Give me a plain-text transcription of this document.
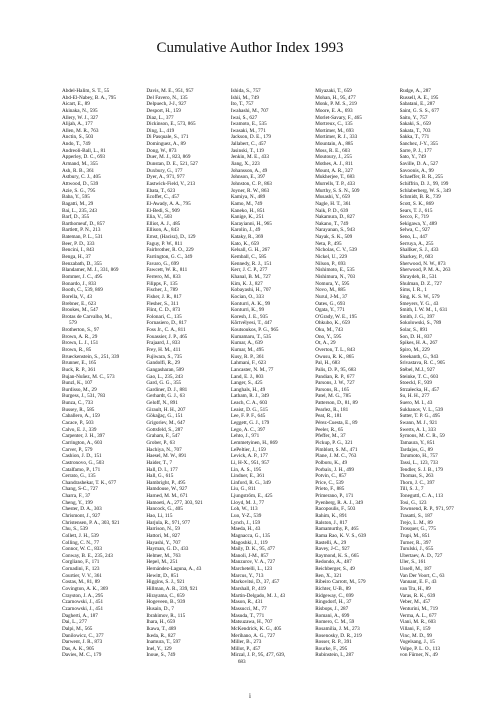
Cumulative Author Index 1993
Abdel-Halim, S. T., 55
Abd-El-Nabey, B. A., 795
Aicart, E., 89
Akinaka, N., 595
Allery, W. J., 327
Alijah, A., 177
Allen, M. R., 763
Anctin, S., 503
Ando, T., 749
Andreoli-Ball, L., 81
Apperley, D. C., 693
Armand, M., 355
Ash, R. B., 361
Astbury, C. J., 405
Attwood, D., 539
Azie, S. G., 795
Baba, Y., 595
Bagatti, M., 29
Bai, L., 235, 243
Barf, D., 355
Barthomeuf, D., 857
Bartlett, P. N., 213
Bateman, P. L., 531
Beer, P. D., 333
Bencini, I., 843
Benga, H., 37
Benzabath, D., 355
Blandamer, M. J., 331, 869
Bommer, J. C., 495
Bonardo, J., 833
Booth, C., 539, 869
Borella, V., 43
Brebner, E., 623
Brookes, M., 547
Brotas de Carvalho, M.,
579
Brotherton, S., 97
Brown, A. R., 29
Brown, L. J., 151
Brown, R., 85
Brueckenstein, S., 251, 339
Brunner, E., 165
Buck, R. P., 361
Bujan-Nuñez, M. C., 573
Bunzl, K., 107
Burdisso, M., 29
Burgess, J., 531, 783
Bunza, C., 733
Bussey, R., 585
Caballero, A., 159
Cacace, P., 503
Calvo, E. J., 339
Carpenter, J. H., 397
Carrington, A., 603
Carver, P., 579
Cashion, J. D., 151
Castronovo, G., 503
Catalfamo, P., 171
Cerrato, G., 135
Chandrashekar, T. K., 677
Chang, S-C., 727
Charra, F., 37
Cheng, Y., 199
Chester, D. A., 303
Chrismont, J., 927
Christensen, P. A., 303, 921
Chu, S., 539
Collett, J. H., 539
Colling, C. N., 77
Connor, W. C., 833
Conway, B. E., 235, 243
Corgliano, F., 171
Cornadini, F., 123
Courtier, V. V., 361
Costas, M., 81, 89
Covington, A. K., 369
Crayston, J. A., 295
Czarnowski, J., 451
Czarnowski, J., 451
Dagherti, A., 187
Dai, L., 277
Dalpi, M., 565
Danilowicz, C., 377
Darwent, J. R., 873
Das, A. K., 905
Davies, M. C., 179
Davis, M. E., 951, 957
Del Favero, N., 135
Delpuech, J-J., 927
Desport, H., 159
Diaz, L., 377
Dickinson, E., 573, 865
Ding, L., 419
Di Pasquale, S., 171
Dominguez, A., 89
Dong, W., 873
Duer, M. J., 823, 869
Dunstan, D. E., 521, 527
Duxbury, G., 177
Dyer, A., 971, 977
Eastwick-Field, V., 213
Ebata, T., 623
Ecoffet, C., 457
El-Awady, A. A., 795
El-Bedi, S., 909
Elia, V., 503
Elliot, A. J., 485
Ellison, A., 843
Ernst, (Hacisz), D., 129
Faguy, P. W., 811
Fairbrother, R. O., 229
Farrington, G. C., 349
Favaro, G., 699
Fawcett, W. R., 811
Ferrero, M., 833
Filipps, F., 135
Fischer, J., 789
Fisher, J. R., 817
Flesher, S., 311
Flint, C. D., 873
Folonari, C., 135
Fornasiero, D., 817
Foss Jr., C. A., 811
Fouassier, J. P., 465
Frajaard, J., 833
Frey, H. M., 411
Fujiwara, S., 735
Gandolfi, R., 29
Gangasharan, 509
Gao, L., 235, 243
Gard, G. G., 355
Gardiner, D. J., 881
Gerhardt, G. J., 63
Geloff, N., 891
Girault, H. H., 207
Gökağaç, G., 151
Grigoriev, M., 647
Gottsfeld, S., 287
Graham, F., 547
Grober, P., 63
Hachiya, N., 707
Haesel, M. W., 891
Haider, T., 7
Hall, D. I., 177
Hall, G., 615
Hambright, P., 495
Hamdouse, W., 927
Harned, M. M., 671
Hamoeti, A., 277, 303, 921
Hancock, G., 405
Hao, Li, 115
Harjula, R., 971, 977
Harrison, N., 59
Hattori, M., 827
Hayashi, Y., 707
Hayman, G. D., 433
Helmer, M., 763
Hepel, M., 251
Hernández-Laguna, A., 43
Hewitt, D., 851
Higgins, S. J., 921
Hillman, A. R., 339, 921
Hirayama, C., 659
Hogeveen, B., 939
Husain, D., 7
Ibrahimov, R., 115
Ihara, H., 659
Ikawa, T., 489
Ikeda, R., 827
Inamura, T., 597
Inel, Y., 129
Inoue, S., 749
Ishida, S., 757
Ishii, M., 749
Ito, T., 757
Iwahashi, M., 707
Iwai, S., 627
Iwamoto, E., 535
Iwasaki, M., 771
Jackson, D. E., 179
Jallabert, C., 457
Jasinski, T., 119
Jenkin, M. E., 433
Jiang, X., 223
Johansson, A., 49
Johnson, E., 397
Johnston, C. P., 863
Joyner, R. W., 863
Kamiya, N., 489
Kamo, M., 749
Kaneko, H., 851
Kanige, K., 251
Karayianni, H., 965
Karolin, J., 49
Kataky, R., 369
Kato, K., 659
Kelsall, G. H., 267
Kemball, C., 585
Kennedy, R. J., 151
Kerr, J. C. P., 277
Khanal, B. M., 727
Kim, K. J., 827
Kobayashi, H., 707
Kocian, O., 333
Konturri, A. K., 99
Konturri, K., 99
Koresh, J. E., 935
Kõrtvélyesi, T., 447
Koutsoukos, P. G., 965
Kumamaru, T., 535
Kumar, A., 639
Kumar, M., 495
Kusy, R. P., 361
Lahmani, F., 623
Lancaster, N. M., 77
Land, E. J., 803
Langer, S., 425
Langhals, H., 49
Latham, R. J., 349
Leach, C. A., 603
Leaist, D. G., 515
Lee, F. P. F., 645
Leggett, G. J., 179
Lego, A. C., 397
Lehto, J., 971
Lemmetyinen, H., 869
LePeltier, J., 159
Levick, A. P., 177
Li, H-X., 951, 957
Lin, A. S., 195
Lindner, E., 361
Linford, R. G., 349
Liu, G., 811
Ljungström, E., 425
Lloyd, M. J., 77
Loh, W., 113
Luo, Y-Z., 539
Lynch, J., 159
Maeda, H., 43
Magnacca, G., 135
Magoshki, J., 119
Maily, D. K., 95, 477
Manoli, J-M., 857
Manzurov, V. A., 727
Marchetelli, L., 123
Marcus, Y., 713
Markovitsi, D., 37, 457
Marshall, P., 419
Martin-Delgado, M. J., 43
Mason, R., 431
Massucci, M., 77
Masuda, T., 771
Matsuzawa, H., 707
McKendrick, K. G., 405
Merihano, A. G., 727
Miller, B., 273
Millot, P., 457
Mirzal, J. P., 95, 477, 639,
683
Miyazaki, T., 659
Mohan, H., 95, 477
Monk, P. M. S., 219
Moore, E. A., 693
Morlet-Savary, F., 465
Mortreux, C., 135
Mortimer, M., 693
Mortimer, R. J., 333
Mountain, A., 885
Moss, R. E., 603
Moutoury, J., 255
Mothes, A. J., 811
Mount, A. R., 327
Mukherjee, T., 683
Murrells, T. P., 433
Murthy, S. S. N., 509
Musashi, Y., 659
Nagle, H. T., 361
Naik, P. D., 639
Nakamura, D., 827
Nakano, T., 749
Narayanan, S., 943
Nayak, S. K., 509
Neta, P., 495
Nicholas, C. V., 539
Nickel, U., 229
Nilson, P., 693
Nishimoto, E., 535
Nishimura, N., 703
Nomura, Y., 595
Novo, M., 885
Nurul, J-M., 37
Oates, G., 693
Ogata, Y., 771
O'Grady, W. E., 195
Ohkubo, K., 659
Oku, M., 743
Ono, Y., 595
Ot, A., 29
Overton, T. L., 843
Owusu, R. K., 865
Pal, H., 683
Palis, D. P., 95, 683
Pandian, R. P., 677
Parsons, J. W., 727
Parsons, R., 165
Patel, M. G., 785
Patterson, D., 81, 89
Pearlez, R., 181
Peat, R., 181
Pérez-Cuesta, E., 89
Peeler, R., 65
Pfeffer, M., 37
Pickup, P. G., 321
Pimblott, S. M., 471
Plane, J. M. C., 763
Polboru, K., 49
Porbaix, J. H., 499
Potvin, C., 857
Price, C., 539
Prieto, F., 885
Primerano, P., 171
Pyenberg, R. A. J., 349
Racopoulis, F., 503
Rahim, K., 891
Ralston, J., 817
Ramamurthy, P., 465
Rama Rao, K. V. S., 639
Rastelli, A., 29
Ravey, J-C., 927
Raymond, K. S., 665
Redondo, A., 487
Reichberger, S., 49
Ren, X., 321
Ribeiro Carrott, M., 579
Richter, U-B., 89
Ridgeway, C., 699
Ringsdorf, H., 37
Risbops, J., 287
Romani, A., 699
Romero, C. M., 59
Rosamilia, J. M., 273
Rosenosky, D. R., 219
Rosser, R. P., 391
Rourke, F., 295
Rubinstein, I., 287
Rudge, A., 287
Russell, A. E., 195
Sabatani, E., 287
Saint, G. S. S., 677
Saito, Y., 757
Sakaki, S., 659
Sakata, T., 703
Sakka, T., 771
Sanchez, J-Y., 355
Sarre, P. J., 177
Sato, Y., 749
Saville, D. A., 527
Savoonis, A., 99
Schaeffer, B. R., 255
Schiffrin, D. J., 99, 199
Schlaberberg, W. S., 349
Schmidt, B. R., 739
Scott, S. K., 869
Sears, T. J., 615
Secco, F., 719
Sekigawa, Y., 489
Selwa, C., 927
Seno, L., 447
Serruya, A., 255
Shallker, S. J., 433
Sharkey, P., 603
Sherwood, N. W., 873
Sherwood, P. M. A., 263
Shraydeh, B., 531
Shulman, D. Z., 727
Sims, I. R., 1
Sing, K. S. W., 579
Smeyers, Y. G., 43
Smith, I. W. M., 1, 631
Smith, J. G., 397
Sokolowski, S., 789
Solar, S., 891
Son, D. H., 837
Spikes, H. A., 267
Spiro, M., 229
Sreekanth, G., 943
Srivastava, R. C., 905
Stébel, M.J., 927
Steinke, T. C., 603
Stoeckl, F., 939
Strzałecka, H., 457
Su, H. H., 277
Suero, M. I., 43
Sukhanov, V. L., 539
Sutter, T. P. G., 495
Swann, M. J., 921
Swerts, A. I., 333
Symons, M. C. R., 59
Tamaura, Y., 851
Tardajos, G., 89
Tarumoto, H., 757
Tassi, L., 123, 733
Tendler, S. J. B., 179
Thomas, S., 263
Thorn, J. C., 397
Till, S. J., 7
Toneguttl, C. A., 113
Tosi, G., 123
Townsend, R. P., 971, 977
Trasatti, S., 187
Trejo, L. M., 89
Trosquer, G., 775
Trupi, M., 851
Turner, R., 397
Turulski, J., 655
Ubertaev, A. D., 727
Uler, S., 161
Ussell, M., 187
Van Der Voort, C., 63
Vannant, E. F., 43
van Tra, H., 89
Varas, R. K., 639
Veber, M., 457
Venturini, M., 719
Verma, A. L., 677
Viani, M. R., 603
Villani, F., 159
Vinc, M. D., 99
Vogelsang, J., 15
Volpe, P. L. O., 113
von Fürner, N., 49
i
